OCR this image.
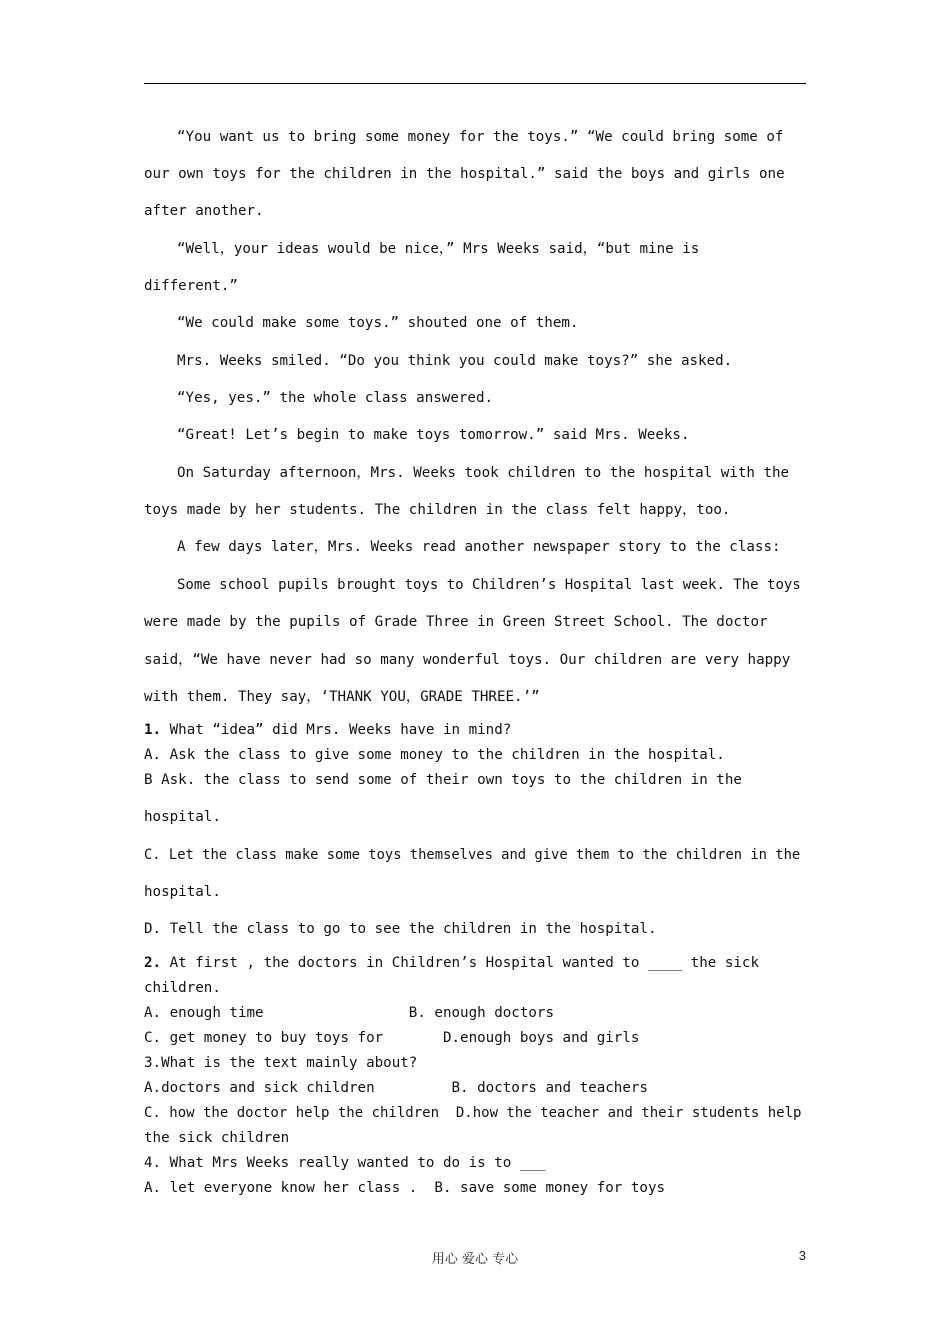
“You want us to bring some money for the toys.” “We could bring some of
our own toys for the children in the hospital.” said the boys and girls one
after another.
“Well，your ideas would be nice，” Mrs Weeks said，“but mine is
different.”
“We could make some toys.” shouted one of them.
Mrs. Weeks smiled. “Do you think you could make toys?” she asked.
“Yes, yes.” the whole class answered.
“Great! Let’s begin to make toys tomorrow.” said Mrs. Weeks.
On Saturday afternoon，Mrs. Weeks took children to the hospital with the
toys made by her students. The children in the class felt happy，too.
A few days later，Mrs. Weeks read another newspaper story to the class:
Some school pupils brought toys to Children’s Hospital last week. The toys
were made by the pupils of Grade Three in Green Street School. The doctor
said，“We have never had so many wonderful toys. Our children are very happy
with them. They say，‘THANK YOU，GRADE THREE.’”
1. What “idea” did Mrs. Weeks have in mind?
A. Ask the class to give some money to the children in the hospital.
B Ask. the class to send some of their own toys to the children in the
hospital.
C. Let the class make some toys themselves and give them to the children in the
hospital.
D. Tell the class to go to see the children in the hospital.
2. At first , the doctors in Children’s Hospital wanted to ____ the sick
children.
A. enough time                 B. enough doctors
C. get money to buy toys for       D.enough boys and girls
3.What is the text mainly about?
A.doctors and sick children         B. doctors and teachers
C. how the doctor help the children  D.how the teacher and their students help
the sick children
4. What Mrs Weeks really wanted to do is to ___
A. let everyone know her class .  B. save some money for toys
用心 爱心 专心	3
